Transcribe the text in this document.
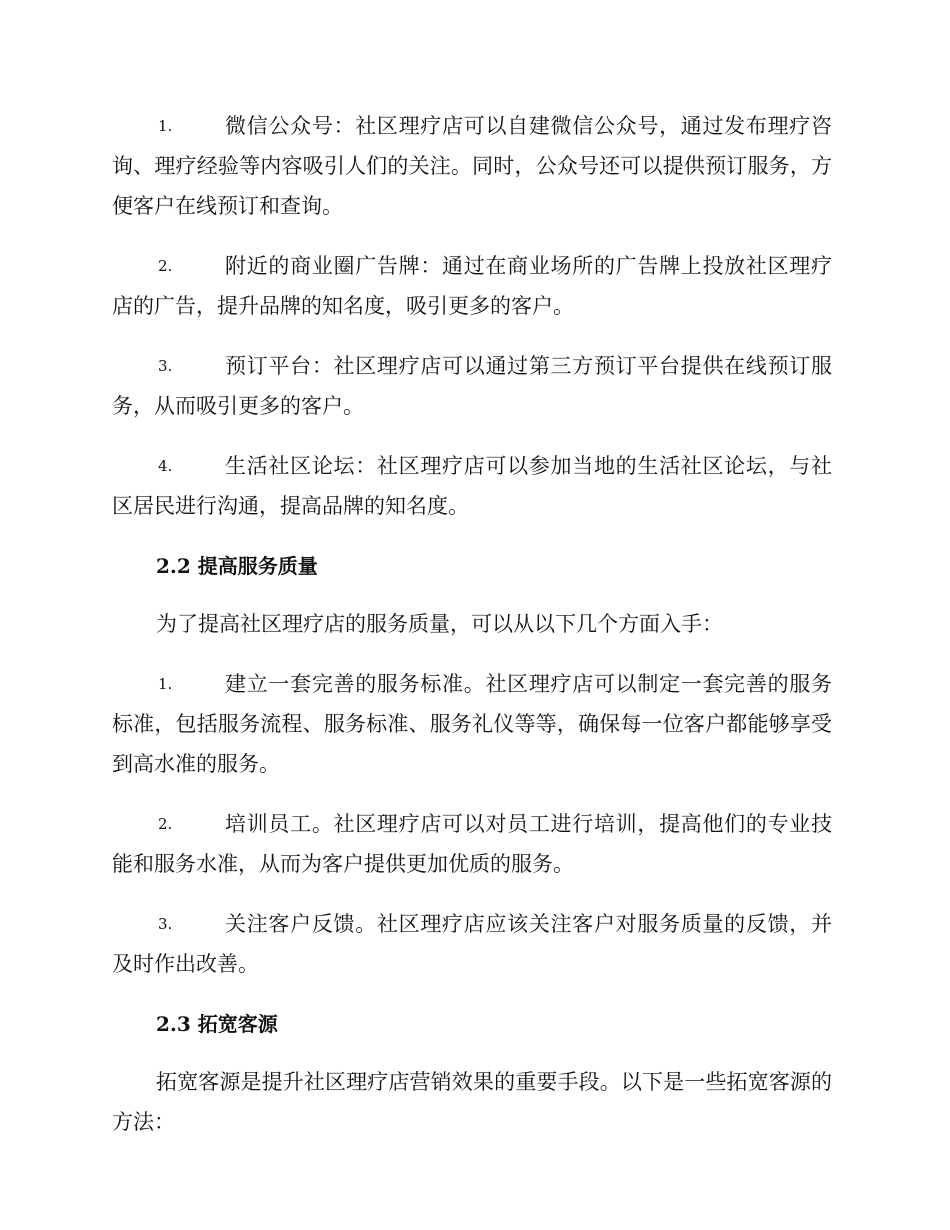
1.	微信公众号：社区理疗店可以自建微信公众号，通过发布理疗咨询、理疗经验等内容吸引人们的关注。同时，公众号还可以提供预订服务，方便客户在线预订和查询。

2.	附近的商业圈广告牌：通过在商业场所的广告牌上投放社区理疗店的广告，提升品牌的知名度，吸引更多的客户。

3.	预订平台：社区理疗店可以通过第三方预订平台提供在线预订服务，从而吸引更多的客户。

4.	生活社区论坛：社区理疗店可以参加当地的生活社区论坛，与社区居民进行沟通，提高品牌的知名度。

2.2 提高服务质量

为了提高社区理疗店的服务质量，可以从以下几个方面入手：

1.	建立一套完善的服务标准。社区理疗店可以制定一套完善的服务标准，包括服务流程、服务标准、服务礼仪等等，确保每一位客户都能够享受到高水准的服务。

2.	培训员工。社区理疗店可以对员工进行培训，提高他们的专业技能和服务水准，从而为客户提供更加优质的服务。

3.	关注客户反馈。社区理疗店应该关注客户对服务质量的反馈，并及时作出改善。

2.3 拓宽客源

拓宽客源是提升社区理疗店营销效果的重要手段。以下是一些拓宽客源的方法：
